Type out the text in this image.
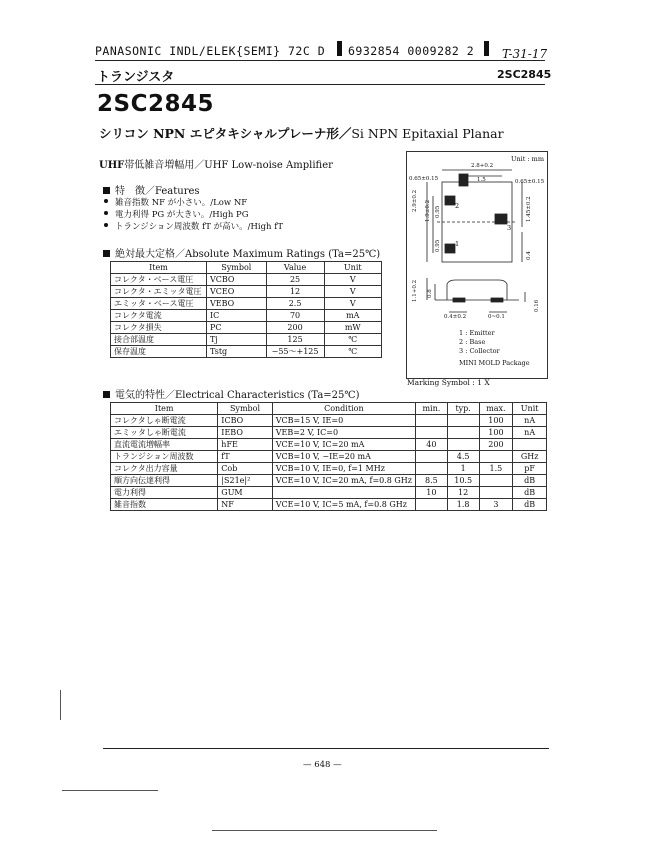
PANASONIC INDL/ELEK{SEMI} 72C D 6932854 0009282 2 T-31-17
トランジスタ	2SC2845
2SC2845
シリコン NPN エピタキシャルプレーナ形／Si NPN Epitaxial Planar
UHF帯低雑音増幅用／UHF Low-noise Amplifier
特　徴／Features
雑音指数 NF が小さい。/Low NF
電力利得 PG が大きい。/High PG
トランジション周波数 fT が高い。/High fT
絶対最大定格／Absolute Maximum Ratings (Ta=25℃)
Item	Symbol	Value	Unit
コレクタ・ベース電圧	VCBO	25	V
コレクタ・エミッタ電圧	VCEO	12	V
エミッタ・ベース電圧	VEBO	2.5	V
コレクタ電流	IC	70	mA
コレクタ損失	PC	200	mW
接合部温度	Tj	125	℃
保存温度	Tstg	−55～+125	℃
Unit : mm
0.65±0.15
2.8+0.2
1.5	0.65±0.15
2.9±0.2 1.9±0.2 0.95
0.95
1.45±0.2
0.4
1
2
3
1.1+0.2 0.8
0.4±0.2	0~0.1
0.16
1 : Emitter
2 : Base
3 : Collector
MINI MOLD Package
Marking Symbol : 1 X
電気的特性／Electrical Characteristics (Ta=25℃)
Item	Symbol	Condition	min.	typ.	max.	Unit
コレクタしゃ断電流	ICBO	VCB=15 V, IE=0			100	nA
エミッタしゃ断電流	IEBO	VEB=2 V, IC=0			100	nA
直流電流増幅率	hFE	VCE=10 V, IC=20 mA	40		200	
トランジション周波数	fT	VCB=10 V, −IE=20 mA		4.5		GHz
コレクタ出力容量	Cob	VCB=10 V, IE=0, f=1 MHz		1	1.5	pF
順方向伝達利得	|S21e|²	VCE=10 V, IC=20 mA, f=0.8 GHz	8.5	10.5		dB
電力利得	GUM		10	12		dB
雑音指数	NF	VCE=10 V, IC=5 mA, f=0.8 GHz		1.8	3	dB
— 648 —
